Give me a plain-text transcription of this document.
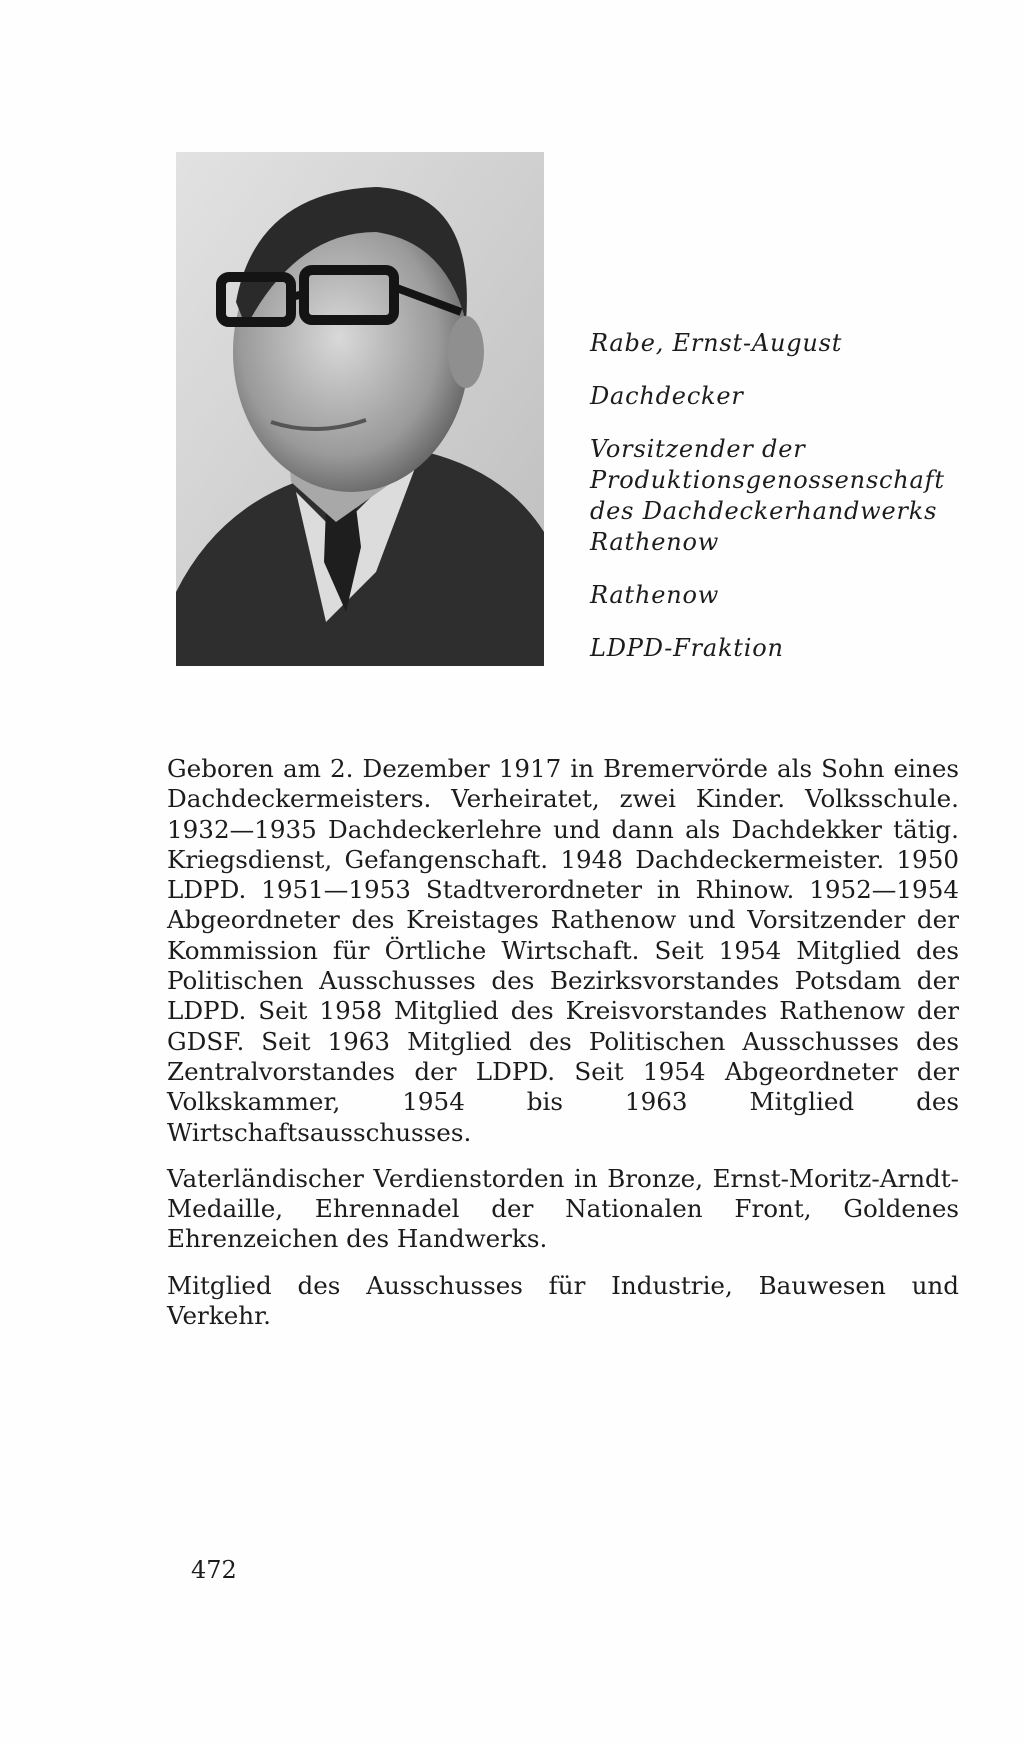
Rabe, Ernst-August
Dachdecker
Vorsitzender der Produktionsgenossenschaft des Dachdeckerhandwerks Rathenow
Rathenow
LDPD-Fraktion

Geboren am 2. Dezember 1917 in Bremervörde als Sohn eines Dachdeckermeisters. Verheiratet, zwei Kinder. Volksschule. 1932—1935 Dachdeckerlehre und dann als Dachdekker tätig. Kriegsdienst, Gefangenschaft. 1948 Dachdeckermeister. 1950 LDPD. 1951—1953 Stadtverordneter in Rhinow. 1952—1954 Abgeordneter des Kreistages Rathenow und Vorsitzender der Kommission für Örtliche Wirtschaft. Seit 1954 Mitglied des Politischen Ausschusses des Bezirksvorstandes Potsdam der LDPD. Seit 1958 Mitglied des Kreisvorstandes Rathenow der GDSF. Seit 1963 Mitglied des Politischen Ausschusses des Zentralvorstandes der LDPD. Seit 1954 Abgeordneter der Volkskammer, 1954 bis 1963 Mitglied des Wirtschaftsausschusses.

Vaterländischer Verdienstorden in Bronze, Ernst-Moritz-Arndt-Medaille, Ehrennadel der Nationalen Front, Goldenes Ehrenzeichen des Handwerks.

Mitglied des Ausschusses für Industrie, Bauwesen und Verkehr.

472
